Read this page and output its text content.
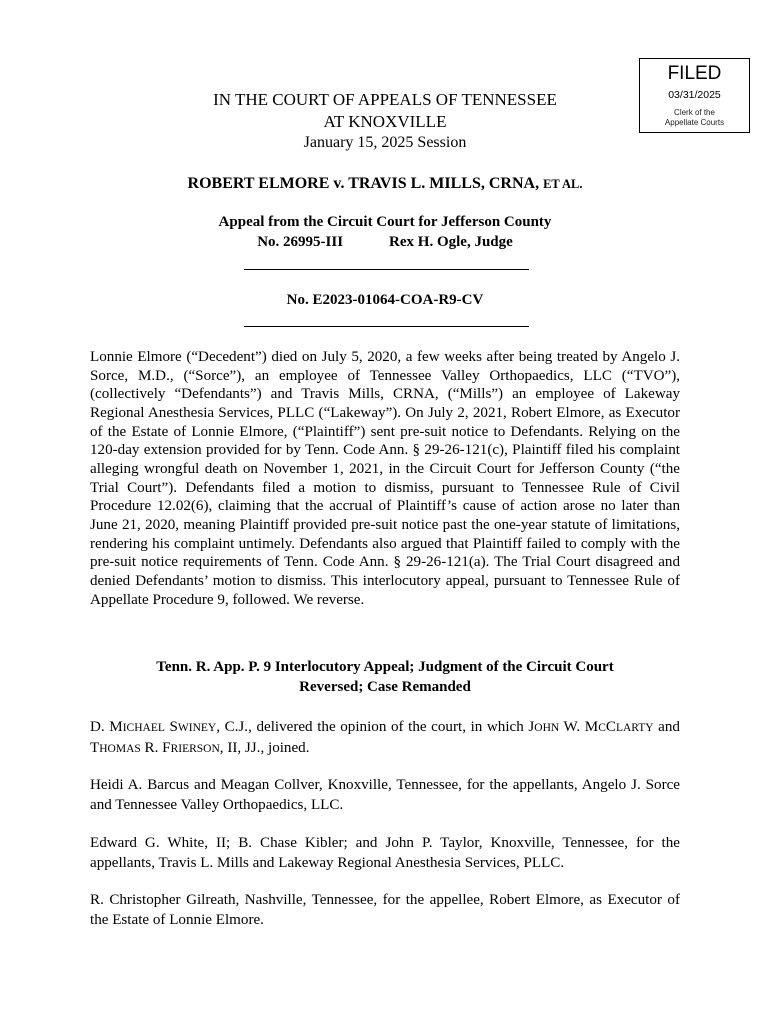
FILED
03/31/2025
Clerk of the
Appellate Courts
IN THE COURT OF APPEALS OF TENNESSEE
AT KNOXVILLE
January 15, 2025 Session
ROBERT ELMORE v. TRAVIS L. MILLS, CRNA, ET AL.
Appeal from the Circuit Court for Jefferson County
No. 26995-III	Rex H. Ogle, Judge
No. E2023-01064-COA-R9-CV
Lonnie Elmore (“Decedent”) died on July 5, 2020, a few weeks after being treated by Angelo J. Sorce, M.D., (“Sorce”), an employee of Tennessee Valley Orthopaedics, LLC (“TVO”), (collectively “Defendants”) and Travis Mills, CRNA, (“Mills”) an employee of Lakeway Regional Anesthesia Services, PLLC (“Lakeway”). On July 2, 2021, Robert Elmore, as Executor of the Estate of Lonnie Elmore, (“Plaintiff”) sent pre-suit notice to Defendants. Relying on the 120-day extension provided for by Tenn. Code Ann. § 29-26-121(c), Plaintiff filed his complaint alleging wrongful death on November 1, 2021, in the Circuit Court for Jefferson County (“the Trial Court”). Defendants filed a motion to dismiss, pursuant to Tennessee Rule of Civil Procedure 12.02(6), claiming that the accrual of Plaintiff’s cause of action arose no later than June 21, 2020, meaning Plaintiff provided pre-suit notice past the one-year statute of limitations, rendering his complaint untimely. Defendants also argued that Plaintiff failed to comply with the pre-suit notice requirements of Tenn. Code Ann. § 29-26-121(a). The Trial Court disagreed and denied Defendants’ motion to dismiss. This interlocutory appeal, pursuant to Tennessee Rule of Appellate Procedure 9, followed. We reverse.
Tenn. R. App. P. 9 Interlocutory Appeal; Judgment of the Circuit Court
Reversed; Case Remanded
D. MICHAEL SWINEY, C.J., delivered the opinion of the court, in which JOHN W. MCCLARTY and THOMAS R. FRIERSON, II, JJ., joined.
Heidi A. Barcus and Meagan Collver, Knoxville, Tennessee, for the appellants, Angelo J. Sorce and Tennessee Valley Orthopaedics, LLC.
Edward G. White, II; B. Chase Kibler; and John P. Taylor, Knoxville, Tennessee, for the appellants, Travis L. Mills and Lakeway Regional Anesthesia Services, PLLC.
R. Christopher Gilreath, Nashville, Tennessee, for the appellee, Robert Elmore, as Executor of the Estate of Lonnie Elmore.
